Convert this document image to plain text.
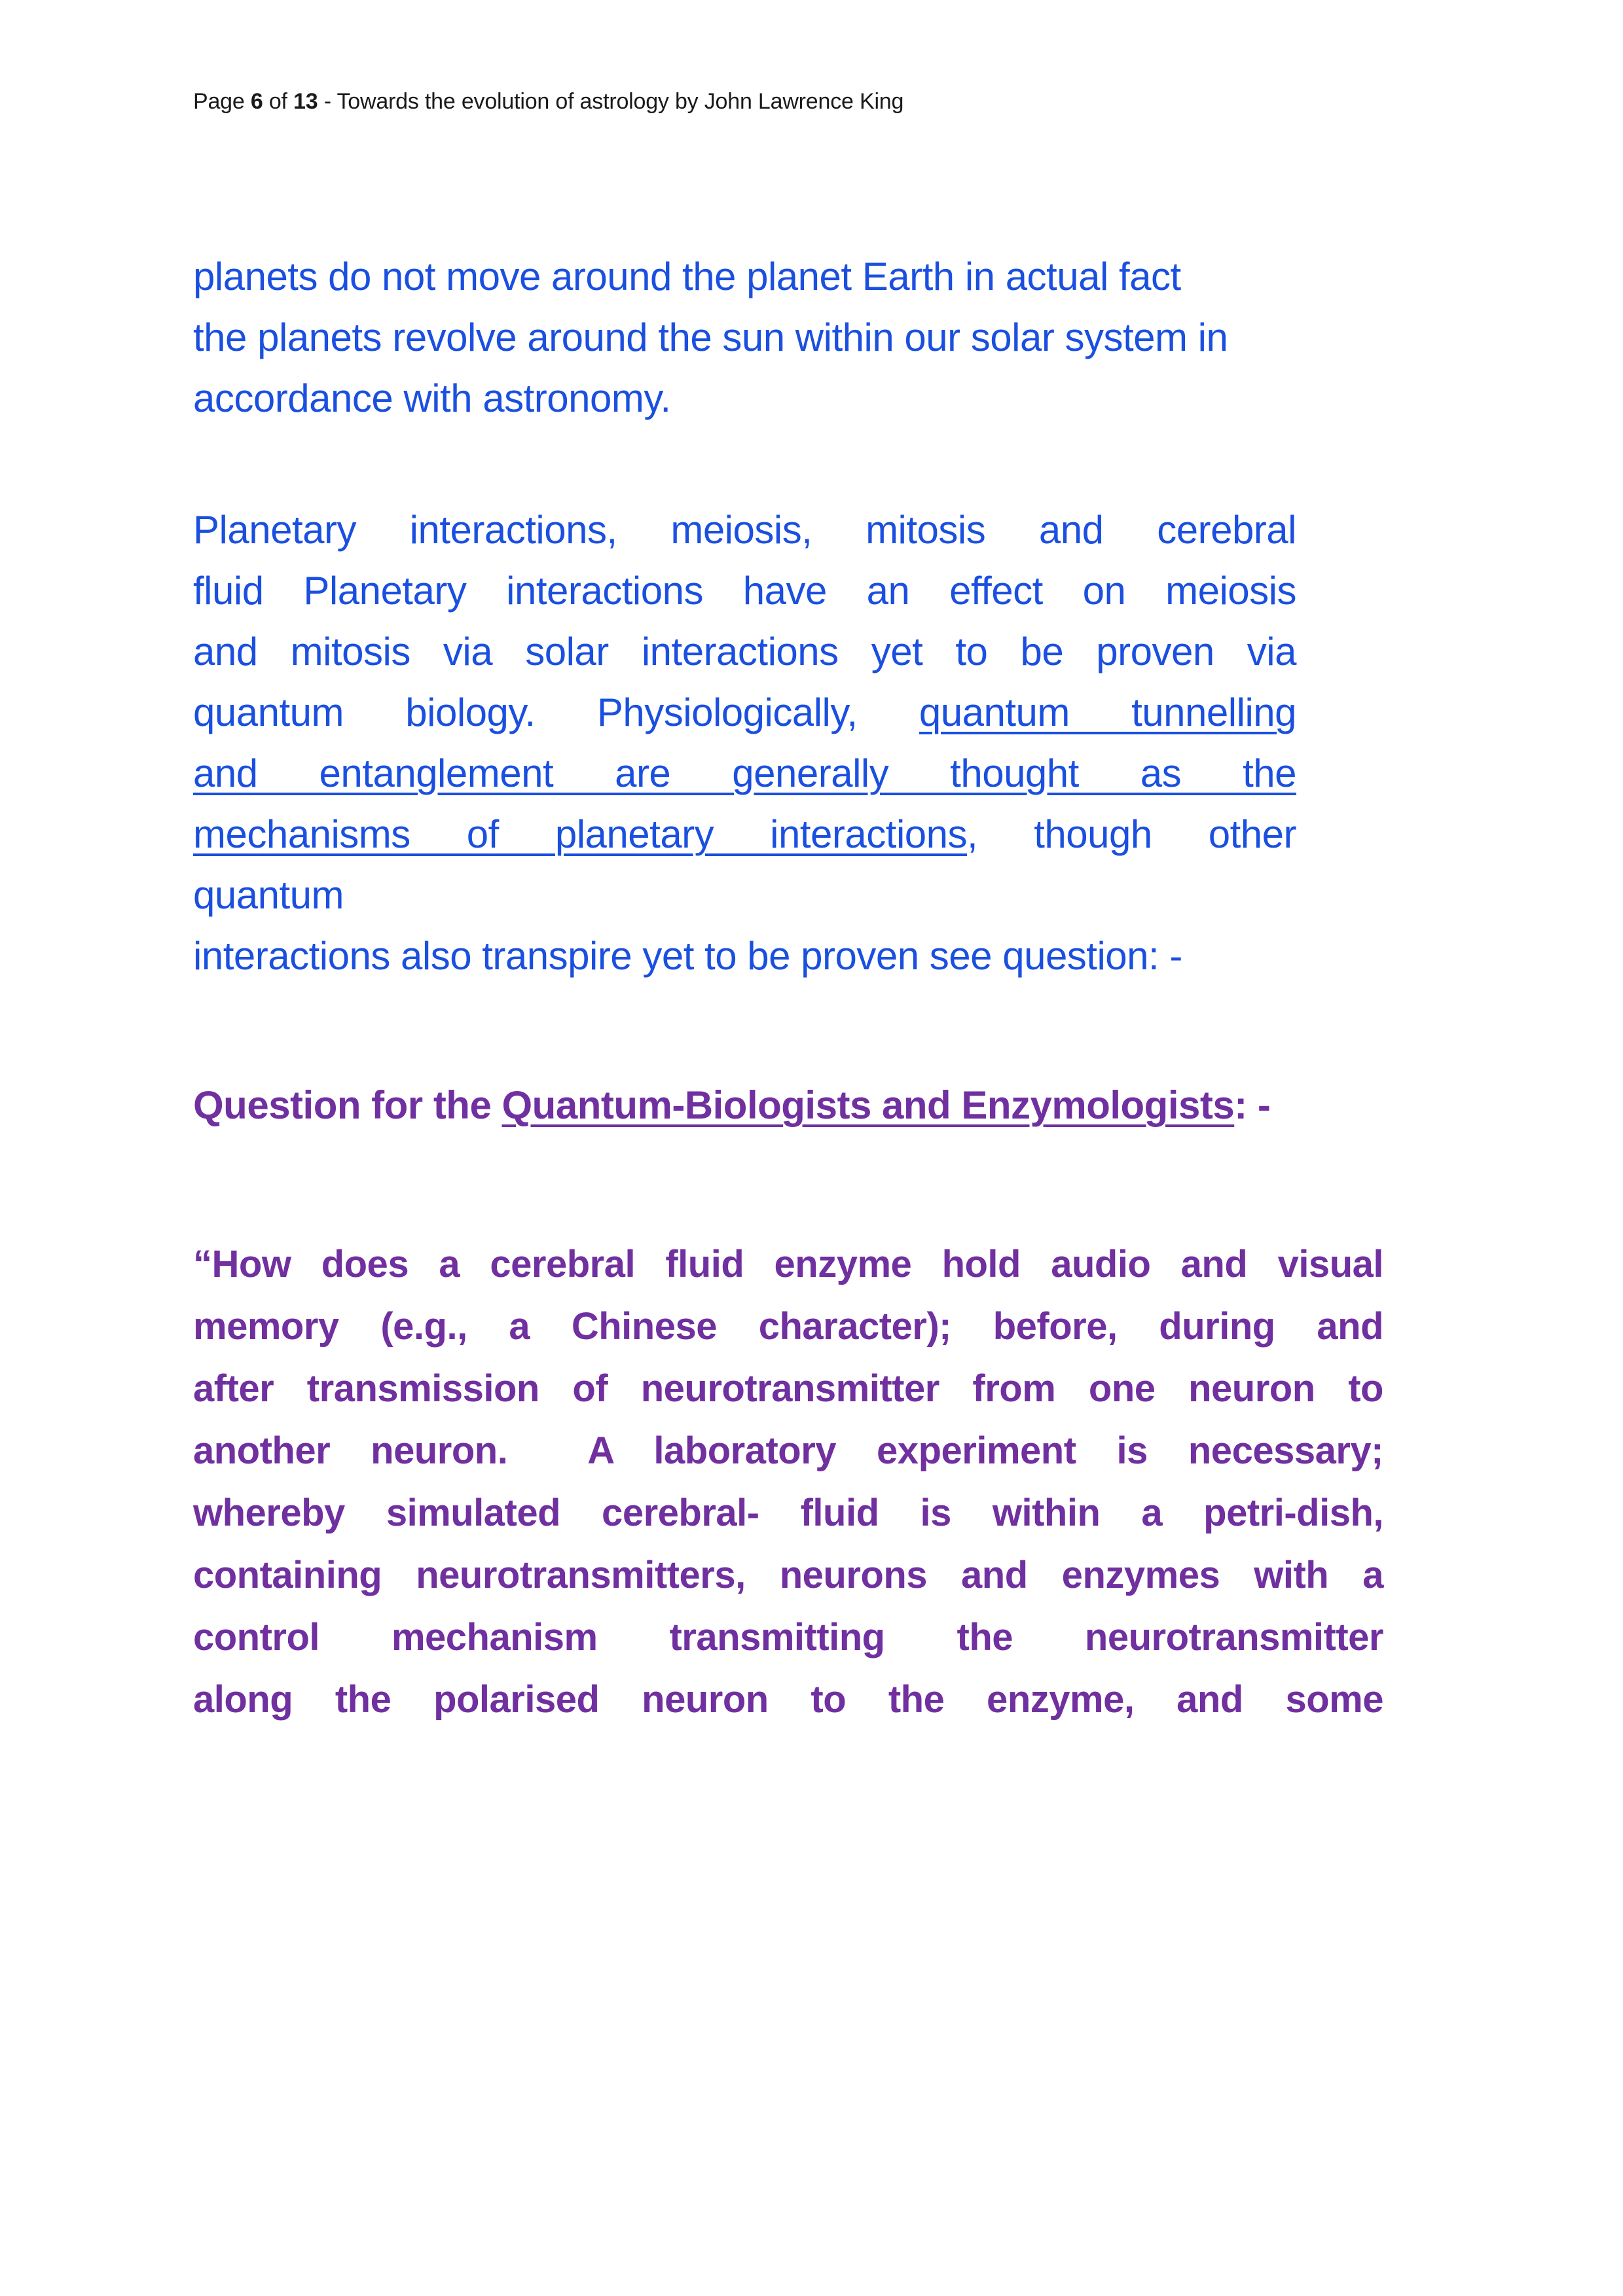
Page 6 of 13 - Towards the evolution of astrology by John Lawrence King
planets do not move around the planet Earth in actual fact
the planets revolve around the sun within our solar system in
accordance with astronomy.
Planetary interactions, meiosis, mitosis and cerebral
fluid Planetary interactions have an effect on meiosis
and mitosis via solar interactions yet to be proven via
quantum biology. Physiologically, quantum tunnelling
and entanglement are generally thought as the
mechanisms of planetary interactions, though other
quantum
interactions also transpire yet to be proven see question: -
Question for the Quantum-Biologists and Enzymologists: -
“How does a cerebral fluid enzyme hold audio and visual
memory (e.g., a Chinese character); before, during and
after transmission of neurotransmitter from one neuron to
another neuron.  A laboratory experiment is necessary;
whereby simulated cerebral- fluid is within a petri-dish,
containing neurotransmitters, neurons and enzymes with a
control mechanism transmitting the neurotransmitter
along the polarised neuron to the enzyme, and some
